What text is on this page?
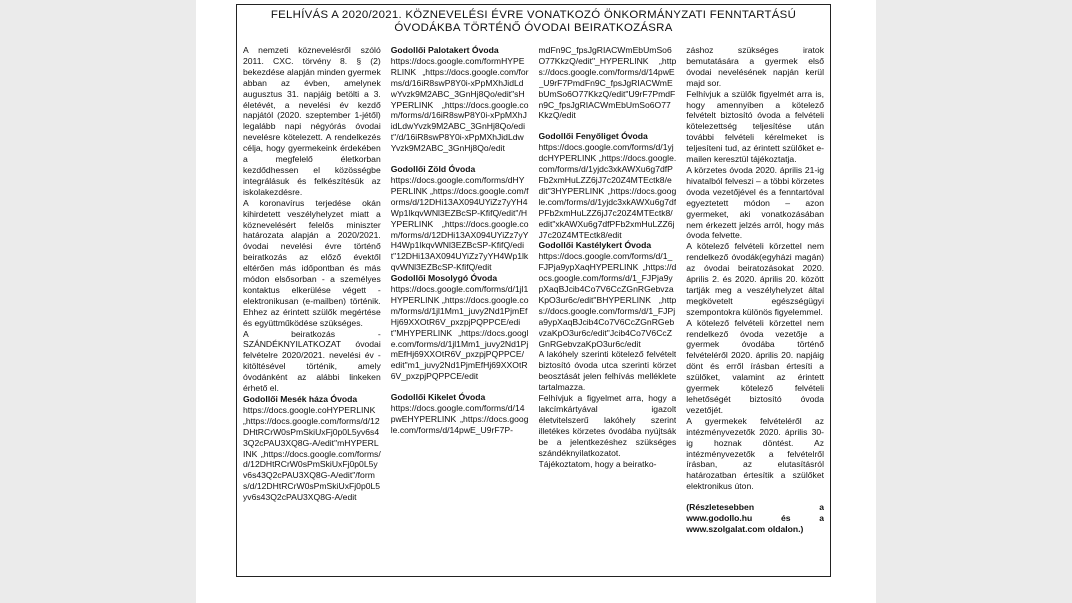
FELHÍVÁS A 2020/2021. KÖZNEVELÉSI ÉVRE VONATKOZÓ ÖNKORMÁNYZATI FENNTARTÁSÚ ÓVODÁKBA TÖRTÉNŐ ÓVODAI BEIRATKOZÁSRA

A nemzeti köznevelésről szóló 2011. CXC. törvény 8. § (2) bekezdése alapján minden gyermek abban az évben, amelynek augusztus 31. napjáig betölti a 3. életévét, a nevelési év kezdő napjától (2020. szeptember 1-jétől) legalább napi négyórás óvodai nevelésre kötelezett. A rendelkezés célja, hogy gyermekeink érdekében a megfelelő életkorban kezdődhessen el közösségbe integrálásuk és felkészítésük az iskolakezdésre.

A koronavírus terjedése okán kihirdetett veszélyhelyzet miatt a köznevelésért felelős miniszter határozata alapján a 2020/2021. óvodai nevelési évre történő beiratkozás az előző évektől eltérően más időpontban és más módon elsősorban - a személyes kontaktus elkerülése végett - elektronikusan (e-mailben) történik. Ehhez az érintett szülők megértése és együttműködése szükséges.

A beiratkozás - SZÁNDÉKNYILATKOZAT óvodai felvételre 2020/2021. nevelési év - kitöltésével történik, amely óvodánként az alábbi linkeken érhető el.

Godollői Mesék háza Óvoda

https://docs.google.coHYPERLINK „https://docs.google.com/forms/d/12DHtRCrW0sPmSkiUxFj0p0L5yv6s43Q2cPAU3XQ8G-A/edit"mHYPERLINK „https://docs.google.com/forms/d/12DHtRCrW0sPmSkiUxFj0p0L5yv6s43Q2cPAU3XQ8G-A/edit"/forms/d/12DHtRCrW0sPmSkiUxFj0p0L5yv6s43Q2cPAU3XQ8G-A/edit

Godollői Palotakert Óvoda

https://docs.google.com/formHYPERLINK „https://docs.google.com/forms/d/16iR8swP8Y0i-xPpMXhJidLdwYvzk9M2ABC_3GnHj8Qo/edit"sHYPERLINK „https://docs.google.com/forms/d/16iR8swP8Y0i-xPpMXhJidLdwYvzk9M2ABC_3GnHj8Qo/edit"/d/16iR8swP8Y0i-xPpMXhJidLdwYvzk9M2ABC_3GnHj8Qo/edit

Godollői Zöld Óvoda

https://docs.google.com/forms/dHYPERLINK „https://docs.google.com/forms/d/12DHi13AX094UYiZz7yYH4Wp1lkqvWNl3EZBcSP-KfifQ/edit"/HYPERLINK „https://docs.google.com/forms/d/12DHi13AX094UYiZz7yYH4Wp1lkqvWNl3EZBcSP-KfifQ/edit"12DHi13AX094UYiZz7yYH4Wp1lkqvWNl3EZBcSP-KfifQ/edit

Godollői Mosolygó Óvoda

https://docs.google.com/forms/d/1jl1HYPERLINK „https://docs.google.com/forms/d/1jl1Mm1_juvy2Nd1PjmEfHj69XXOtR6V_pxzpjPQPPCE/edit"MHYPERLINK „https://docs.google.com/forms/d/1jl1Mm1_juvy2Nd1PjmEfHj69XXOtR6V_pxzpjPQPPCE/edit"m1_juvy2Nd1PjmEfHj69XXOtR6V_pxzpjPQPPCE/edit

Godollői Kikelet Óvoda

https://docs.google.com/forms/d/14pwEHYPERLINK „https://docs.google.com/forms/d/14pwE_U9rF7P-

mdFn9C_fpsJgRIACWmEbUmSo6O77KkzQ/edit"_HYPERLINK „https://docs.google.com/forms/d/14pwE_U9rF7PmdFn9C_fpsJgRIACWmEbUmSo6O77KkzQ/edit"U9rF7PmdFn9C_fpsJgRIACWmEbUmSo6O77KkzQ/edit

Godollői Fenyőliget Óvoda

https://docs.google.com/forms/d/1yjdcHYPERLINK „https://docs.google.com/forms/d/1yjdc3xkAWXu6g7dfPFb2xmHuLZZ6jJ7c20Z4MTEctk8/edit"3HYPERLINK „https://docs.google.com/forms/d/1yjdc3xkAWXu6g7dfPFb2xmHuLZZ6jJ7c20Z4MTEctk8/edit"xkAWXu6g7dfPFb2xmHuLZZ6jJ7c20Z4MTEctk8/edit

Godollői Kastélykert Óvoda

https://docs.google.com/forms/d/1_FJPja9ypXaqHYPERLINK „https://docs.google.com/forms/d/1_FJPja9ypXaqBJcib4Co7V6CcZGnRGebvzaKpO3ur6c/edit"BHYPERLINK „https://docs.google.com/forms/d/1_FJPja9ypXaqBJcib4Co7V6CcZGnRGebvzaKpO3ur6c/edit"Jcib4Co7V6CcZGnRGebvzaKpO3ur6c/edit

A lakóhely szerinti kötelező felvételt biztosító óvoda utca szerinti körzet beosztását jelen felhívás melléklete tartalmazza.

Felhívjuk a figyelmet arra, hogy a lakcímkártyával igazolt életvitelszerű lakóhely szerint illetékes körzetes óvodába nyújtsák be a jelentkezéshez szükséges szándéknyilatkozatot.

Tájékoztatom, hogy a beiratko-

záshoz szükséges iratok bemutatására a gyermek első óvodai nevelésének napján kerül majd sor.

Felhívjuk a szülők figyelmét arra is, hogy amennyiben a kötelező felvételt biztosító óvoda a felvételi kötelezettség teljesítése után további felvételi kérelmeket is teljesíteni tud, az érintett szülőket e-mailen keresztül tájékoztatja.

A körzetes óvoda 2020. április 21-ig hivatalból felveszi – a többi körzetes óvoda vezetőjével és a fenntartóval egyeztetett módon – azon gyermeket, aki vonatkozásában nem érkezett jelzés arról, hogy más óvoda felvette.

A kötelező felvételi körzettel nem rendelkező óvodák(egyházi magán) az óvodai beiratozásokat 2020. április 2. és 2020. április 20. között tartják meg a veszélyhelyzet által megkövetelt egészségügyi szempontokra különös figyelemmel.

A kötelező felvételi körzettel nem rendelkező óvoda vezetője a gyermek óvodába történő felvételéről 2020. április 20. napjáig dönt és erről írásban értesíti a szülőket, valamint az érintett gyermek kötelező felvételi lehetőségét biztosító óvoda vezetőjét.

A gyermekek felvételéről az intézményvezetők 2020. április 30-ig hoznak döntést. Az intézményvezetők a felvételről írásban, az elutasításról határozatban értesítik a szülőket elektronikus úton.

(Részletesebben a www.godollo.hu és a www.szolgalat.com oldalon.)
